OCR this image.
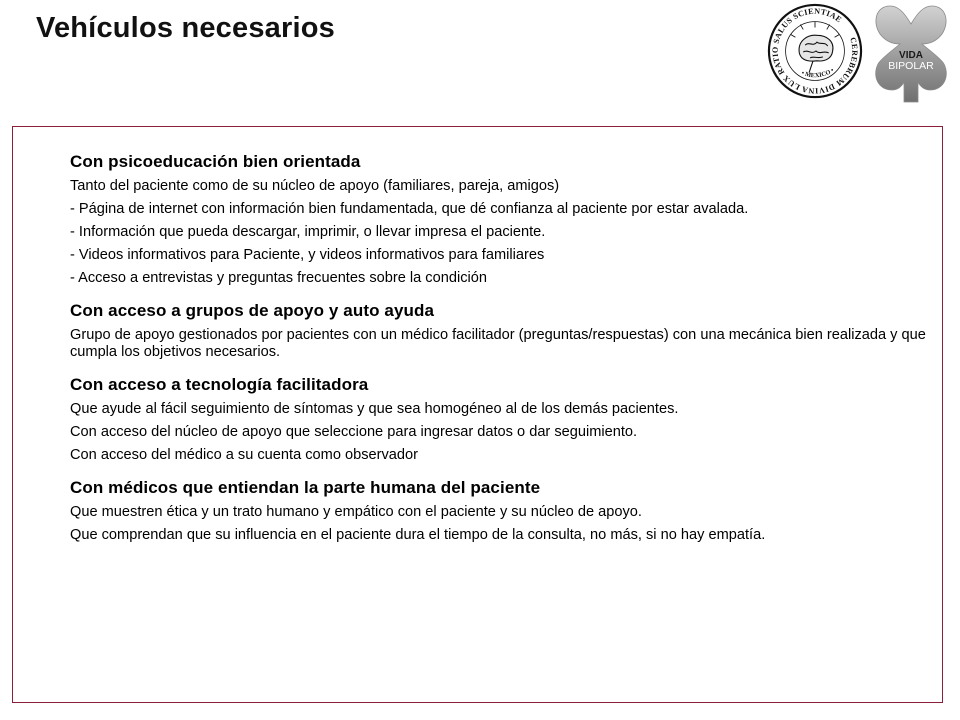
Vehículos necesarios	CEREBRUM DIVINA LUX RATIO SALUS SCIENTIAE
• MEXICO •
VIDA
BIPOLAR

Con psicoeducación bien orientada

Tanto del paciente como de su núcleo de apoyo (familiares, pareja, amigos)

- Página de internet con información bien fundamentada, que dé confianza al paciente por estar avalada.

- Información que pueda descargar, imprimir, o llevar impresa el paciente.

- Videos informativos para Paciente, y videos informativos para familiares

- Acceso a entrevistas y preguntas frecuentes sobre la condición

Con acceso a grupos de apoyo y auto ayuda

Grupo de apoyo gestionados por pacientes con un médico facilitador (preguntas/respuestas) con una mecánica bien realizada y que cumpla los objetivos necesarios.

Con acceso a tecnología facilitadora

Que ayude al fácil seguimiento de síntomas y que sea homogéneo al de los demás pacientes.

Con acceso del núcleo de apoyo que seleccione para ingresar datos o dar seguimiento.

Con acceso del médico a su cuenta como observador

Con médicos que entiendan la parte humana del paciente

Que muestren ética y un trato humano y empático con el paciente y su núcleo de apoyo.

Que comprendan que su influencia en el paciente dura el tiempo de la consulta, no más, si no hay empatía.
